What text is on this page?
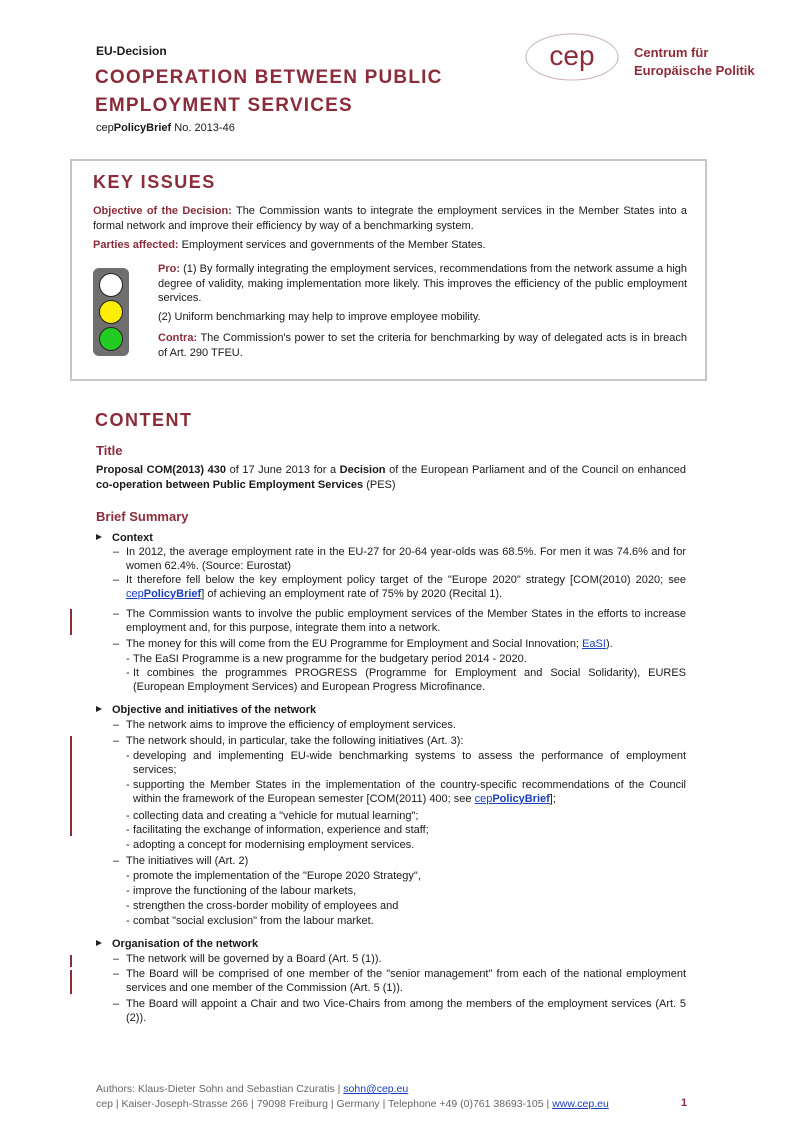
EU-Decision
COOPERATION BETWEEN PUBLIC
EMPLOYMENT SERVICES
cepPolicyBrief No. 2013-46
cep	Centrum für
Europäische Politik
KEY ISSUES
Objective of the Decision: The Commission wants to integrate the employment services in the Member States into a formal network and improve their efficiency by way of a benchmarking system.
Parties affected: Employment services and governments of the Member States.
Pro: (1) By formally integrating the employment services, recommendations from the network assume a high degree of validity, making implementation more likely. This improves the efficiency of the public employment services.
(2) Uniform benchmarking may help to improve employee mobility.
Contra: The Commission's power to set the criteria for benchmarking by way of delegated acts is in breach of Art. 290 TFEU.
CONTENT
Title
Proposal COM(2013) 430 of 17 June 2013 for a Decision of the European Parliament and of the Council on enhanced co-operation between Public Employment Services (PES)
Brief Summary
Context
– In 2012, the average employment rate in the EU-27 for 20-64 year-olds was 68.5%. For men it was 74.6% and for women 62.4%. (Source: Eurostat)
– It therefore fell below the key employment policy target of the "Europe 2020" strategy [COM(2010) 2020; see cepPolicyBrief] of achieving an employment rate of 75% by 2020 (Recital 1).
– The Commission wants to involve the public employment services of the Member States in the efforts to increase employment and, for this purpose, integrate them into a network.
– The money for this will come from the EU Programme for Employment and Social Innovation; EaSI).
- The EaSI Programme is a new programme for the budgetary period 2014 - 2020.
- It combines the programmes PROGRESS (Programme for Employment and Social Solidarity), EURES (European Employment Services) and European Progress Microfinance.
Objective and initiatives of the network
– The network aims to improve the efficiency of employment services.
– The network should, in particular, take the following initiatives (Art. 3):
- developing and implementing EU-wide benchmarking systems to assess the performance of employment services;
- supporting the Member States in the implementation of the country-specific recommendations of the Council within the framework of the European semester [COM(2011) 400; see cepPolicyBrief];
- collecting data and creating a "vehicle for mutual learning";
- facilitating the exchange of information, experience and staff;
- adopting a concept for modernising employment services.
– The initiatives will (Art. 2)
- promote the implementation of the "Europe 2020 Strategy",
- improve the functioning of the labour markets,
- strengthen the cross-border mobility of employees and
- combat "social exclusion" from the labour market.
Organisation of the network
– The network will be governed by a Board (Art. 5 (1)).
– The Board will be comprised of one member of the "senior management" from each of the national employment services and one member of the Commission (Art. 5 (1)).
– The Board will appoint a Chair and two Vice-Chairs from among the members of the employment services (Art. 5 (2)).
Authors: Klaus-Dieter Sohn and Sebastian Czuratis | sohn@cep.eu
cep | Kaiser-Joseph-Strasse 266 | 79098 Freiburg | Germany | Telephone +49 (0)761 38693-105 | www.cep.eu	1
